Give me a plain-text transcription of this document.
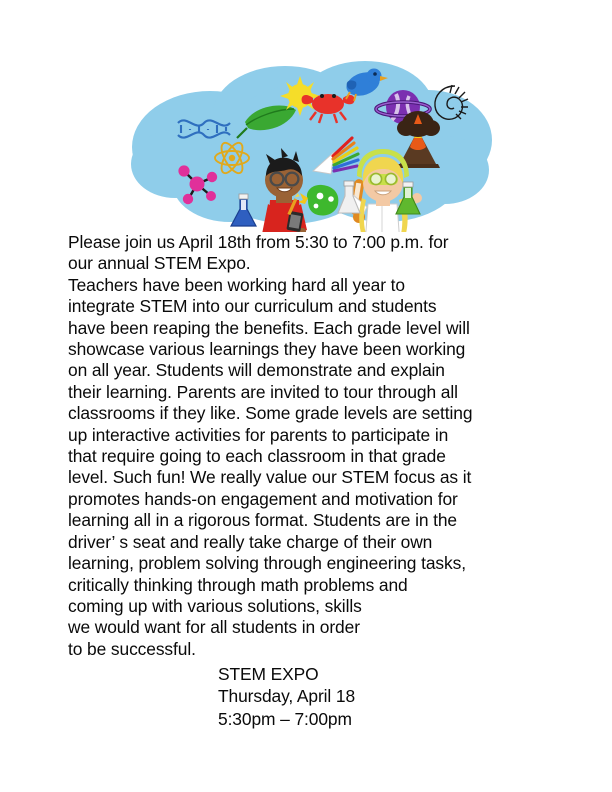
Please join us April 18th from 5:30 to 7:00 p.m. for
our annual STEM Expo.
Teachers have been working hard all year to
integrate STEM into our curriculum and students
have been reaping the benefits. Each grade level will
showcase various learnings they have been working
on all year. Students will demonstrate and explain
their learning. Parents are invited to tour through all
classrooms if they like. Some grade levels are setting
up interactive activities for parents to participate in
that require going to each classroom in that grade
level. Such fun! We really value our STEM focus as it
promotes hands-on engagement and motivation for
learning all in a rigorous format. Students are in the
driver’ s seat and really take charge of their own
learning, problem solving through engineering tasks,
critically thinking through math problems and
coming up with various solutions, skills
we would want for all students in order
to be successful.
STEM EXPO
Thursday, April 18
5:30pm – 7:00pm
